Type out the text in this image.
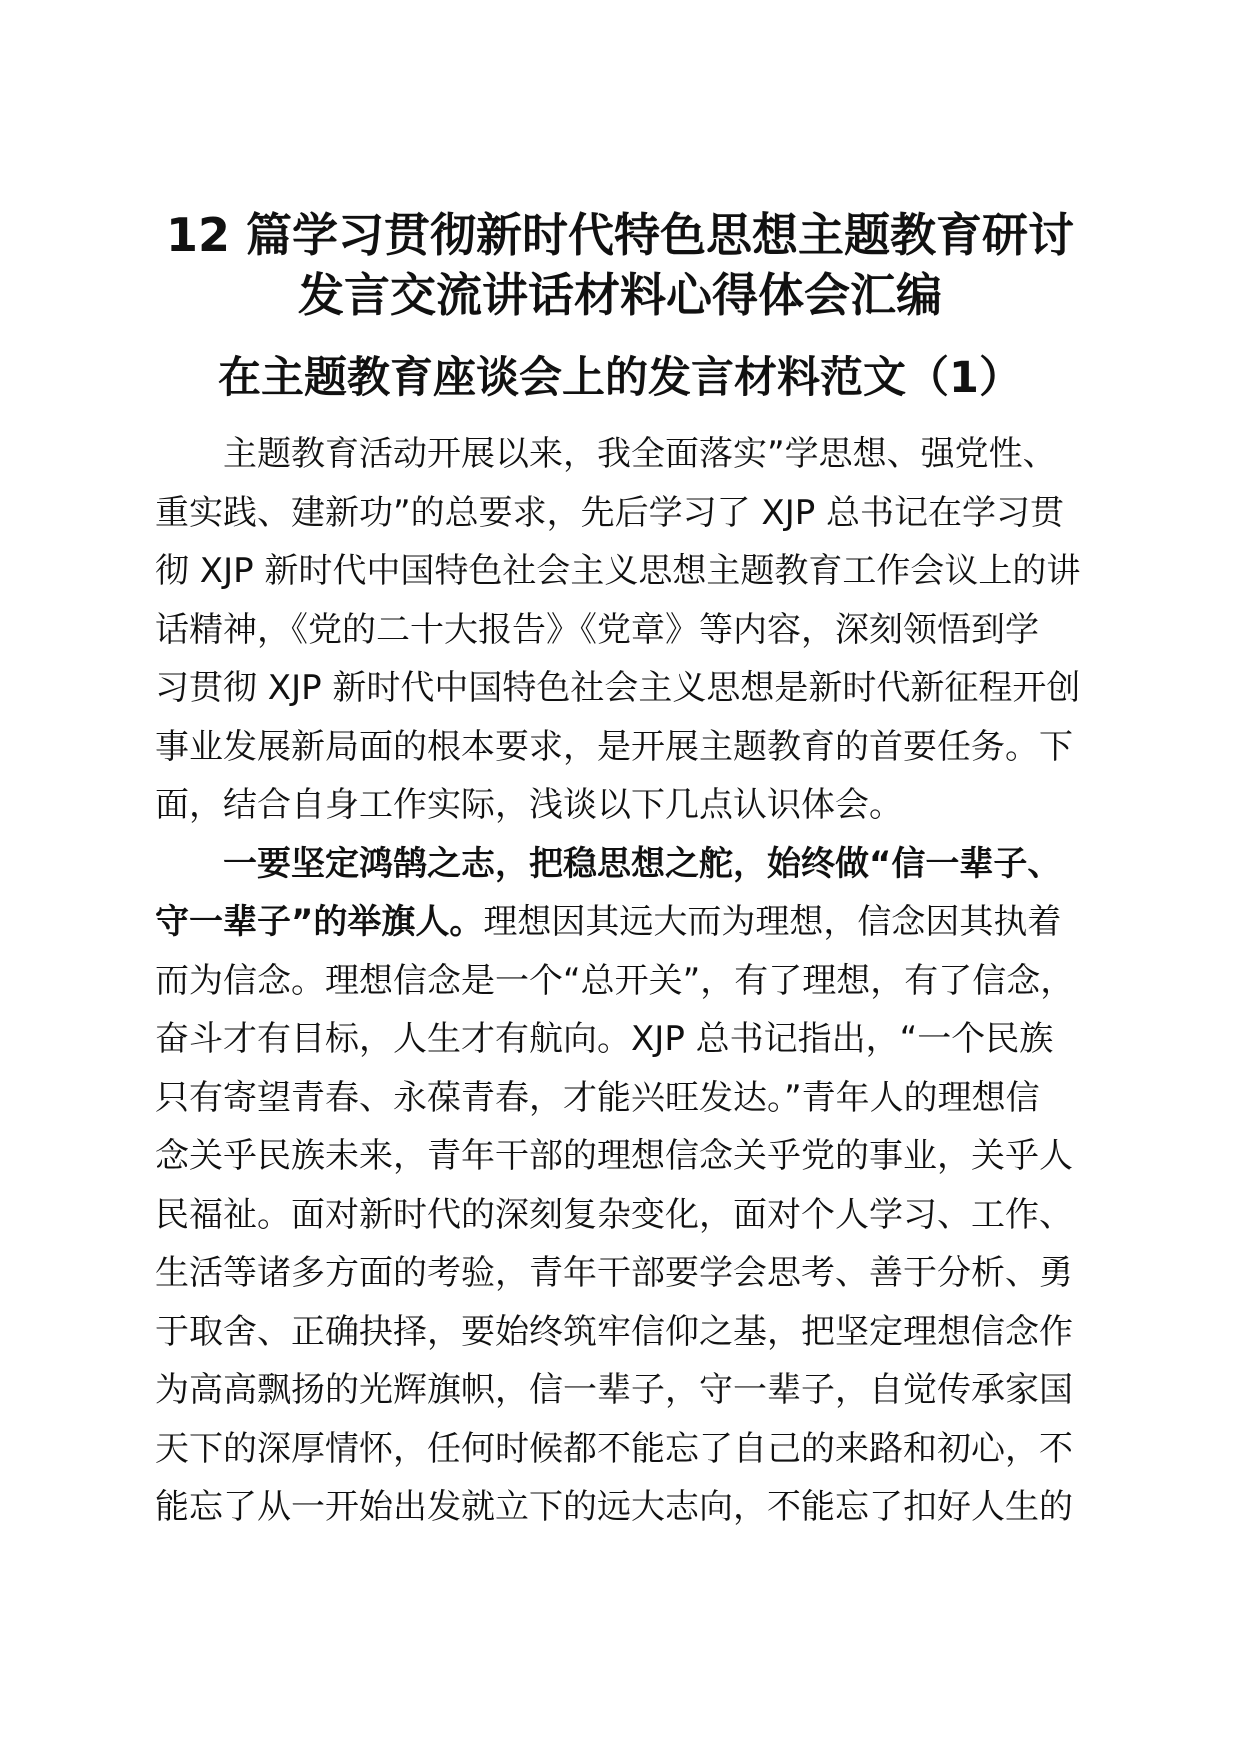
12 篇学习贯彻新时代特色思想主题教育研讨
发言交流讲话材料心得体会汇编
在主题教育座谈会上的发言材料范文（1）
主题教育活动开展以来，我全面落实”学思想、强党性、
重实践、建新功”的总要求，先后学习了 XJP 总书记在学习贯
彻 XJP 新时代中国特色社会主义思想主题教育工作会议上的讲
话精神，《党的二十大报告》《党章》等内容，深刻领悟到学
习贯彻 XJP 新时代中国特色社会主义思想是新时代新征程开创
事业发展新局面的根本要求，是开展主题教育的首要任务。下
面，结合自身工作实际，浅谈以下几点认识体会。
一要坚定鸿鹄之志，把稳思想之舵，始终做“信一辈子、
守一辈子”的举旗人。理想因其远大而为理想，信念因其执着
而为信念。理想信念是一个“总开关”，有了理想，有了信念，
奋斗才有目标，人生才有航向。XJP 总书记指出，“一个民族
只有寄望青春、永葆青春，才能兴旺发达。”青年人的理想信
念关乎民族未来，青年干部的理想信念关乎党的事业，关乎人
民福祉。面对新时代的深刻复杂变化，面对个人学习、工作、
生活等诸多方面的考验，青年干部要学会思考、善于分析、勇
于取舍、正确抉择，要始终筑牢信仰之基，把坚定理想信念作
为高高飘扬的光辉旗帜，信一辈子，守一辈子，自觉传承家国
天下的深厚情怀，任何时候都不能忘了自己的来路和初心，不
能忘了从一开始出发就立下的远大志向，不能忘了扣好人生的
